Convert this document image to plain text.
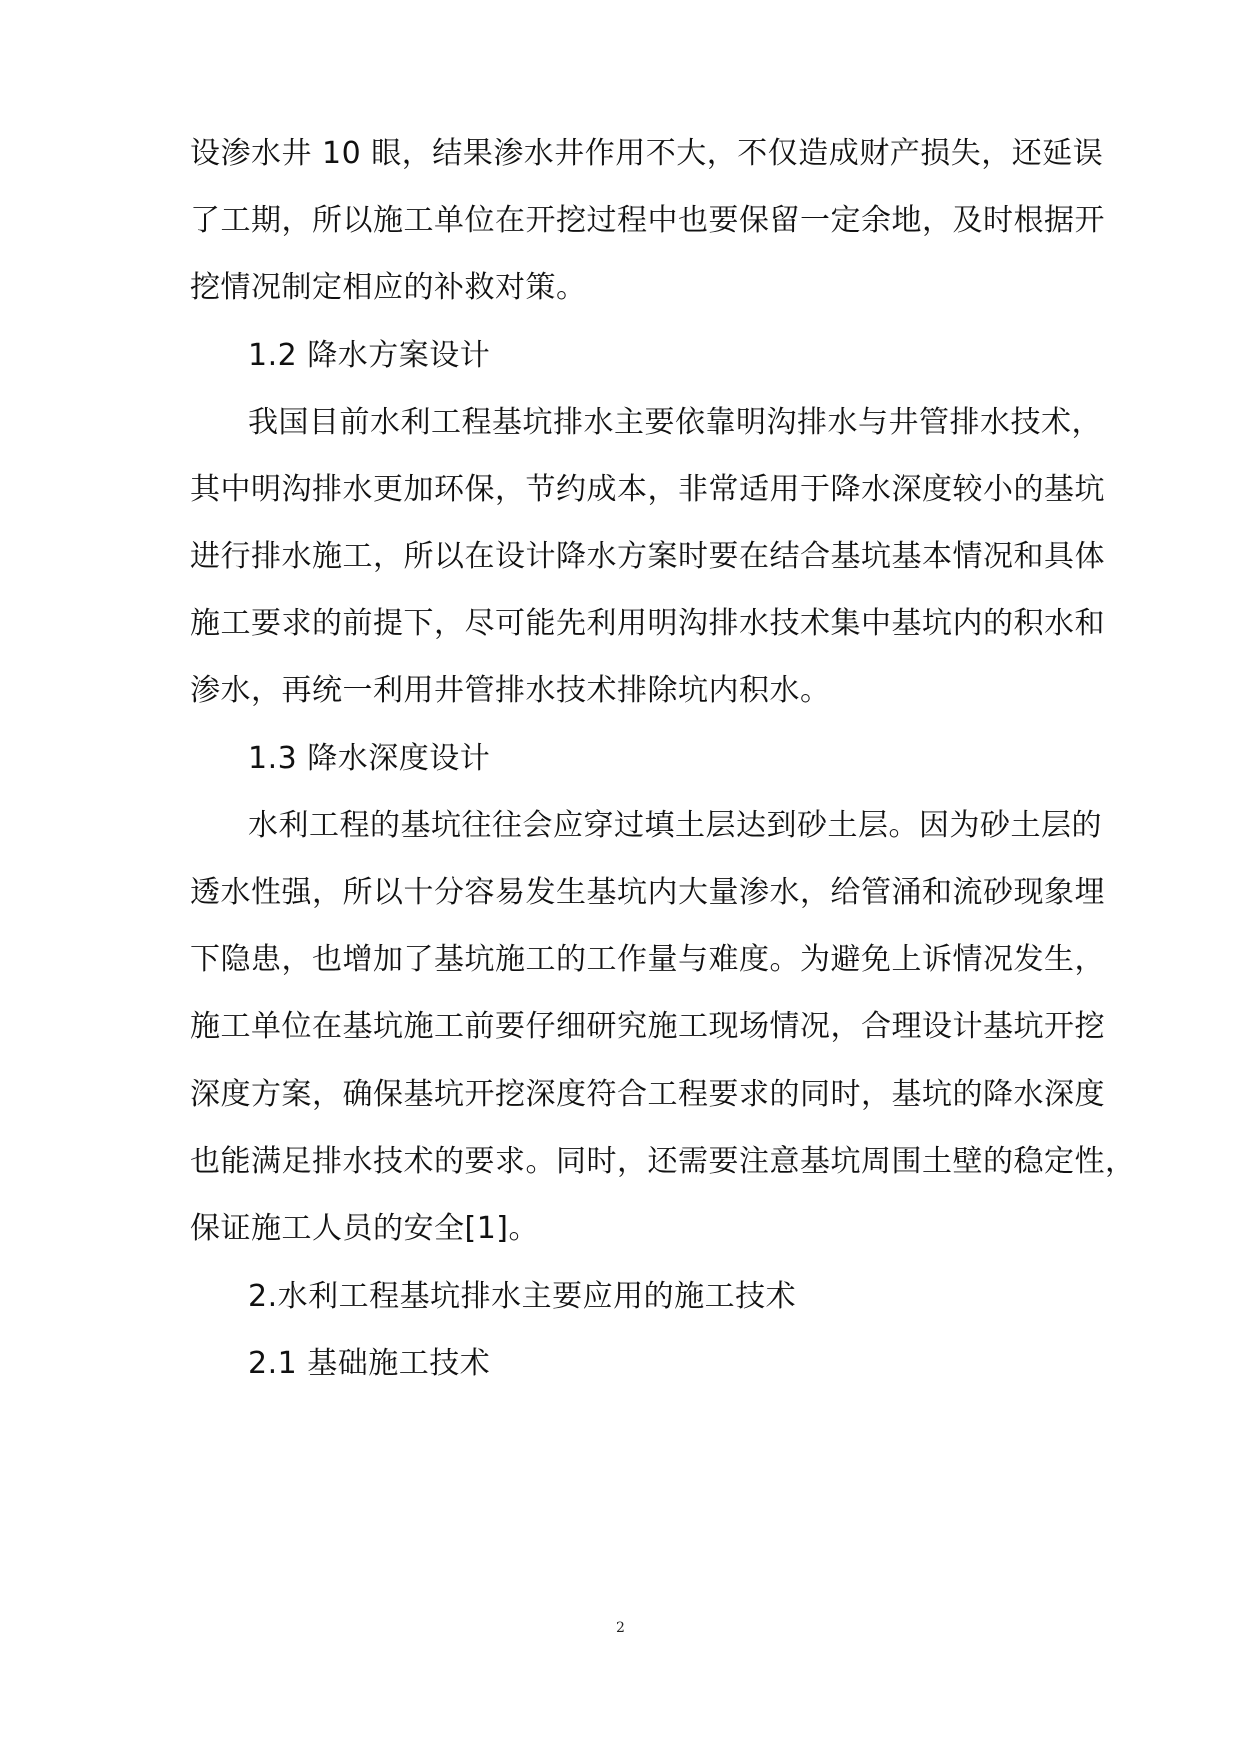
设渗水井 10 眼，结果渗水井作用不大，不仅造成财产损失，还延误
了工期，所以施工单位在开挖过程中也要保留一定余地，及时根据开
挖情况制定相应的补救对策。
1.2 降水方案设计
我国目前水利工程基坑排水主要依靠明沟排水与井管排水技术，
其中明沟排水更加环保，节约成本，非常适用于降水深度较小的基坑
进行排水施工，所以在设计降水方案时要在结合基坑基本情况和具体
施工要求的前提下，尽可能先利用明沟排水技术集中基坑内的积水和
渗水，再统一利用井管排水技术排除坑内积水。
1.3 降水深度设计
水利工程的基坑往往会应穿过填土层达到砂土层。因为砂土层的
透水性强，所以十分容易发生基坑内大量渗水，给管涌和流砂现象埋
下隐患，也增加了基坑施工的工作量与难度。为避免上诉情况发生，
施工单位在基坑施工前要仔细研究施工现场情况，合理设计基坑开挖
深度方案，确保基坑开挖深度符合工程要求的同时，基坑的降水深度
也能满足排水技术的要求。同时，还需要注意基坑周围土壁的稳定性，
保证施工人员的安全[1]。
2.水利工程基坑排水主要应用的施工技术
2.1 基础施工技术
2
